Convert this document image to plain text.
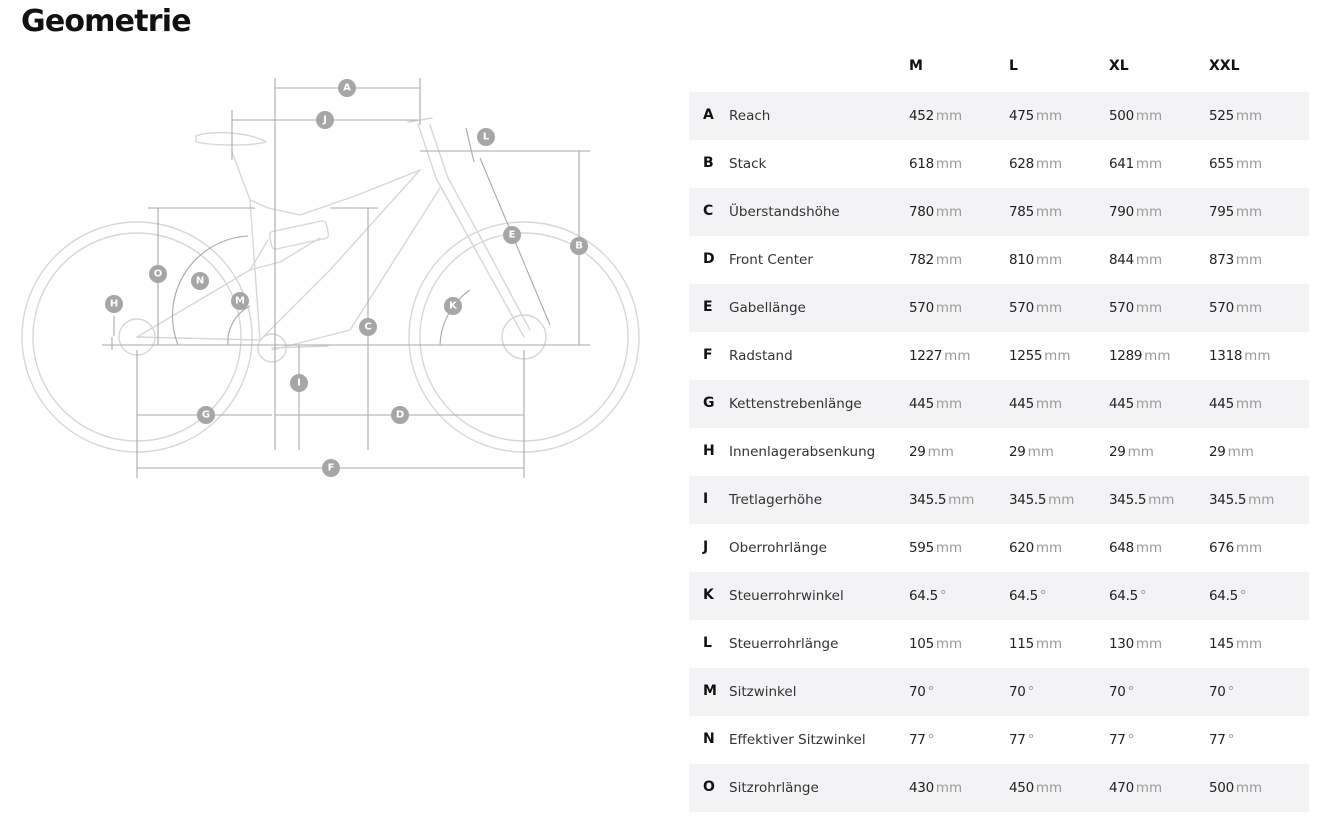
Geometrie
A
B
C
D
E
F
G
H
I
J
K
L
M
N
O
M	L	XL	XXL
A Reach	452 mm	475 mm	500 mm	525 mm
B Stack	618 mm	628 mm	641 mm	655 mm
C Überstandshöhe	780 mm	785 mm	790 mm	795 mm
D Front Center	782 mm	810 mm	844 mm	873 mm
E Gabellänge	570 mm	570 mm	570 mm	570 mm
F Radstand	1227 mm	1255 mm	1289 mm	1318 mm
G Kettenstrebenlänge	445 mm	445 mm	445 mm	445 mm
H Innenlagerabsenkung	29 mm	29 mm	29 mm	29 mm
I Tretlagerhöhe	345.5 mm	345.5 mm	345.5 mm	345.5 mm
J Oberrohrlänge	595 mm	620 mm	648 mm	676 mm
K Steuerrohrwinkel	64.5 °	64.5 °	64.5 °	64.5 °
L Steuerrohrlänge	105 mm	115 mm	130 mm	145 mm
M Sitzwinkel	70 °	70 °	70 °	70 °
N Effektiver Sitzwinkel	77 °	77 °	77 °	77 °
O Sitzrohrlänge	430 mm	450 mm	470 mm	500 mm
